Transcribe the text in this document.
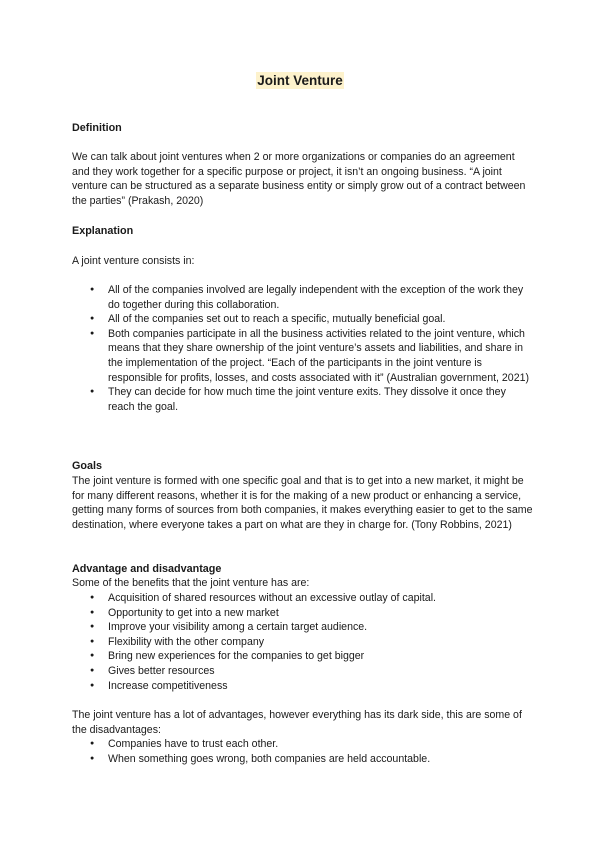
Joint Venture
Definition

We can talk about joint ventures when 2 or more organizations or companies do an agreement and they work together for a specific purpose or project, it isn’t an ongoing business. “A joint venture can be structured as a separate business entity or simply grow out of a contract between the parties” (Prakash, 2020)

Explanation

A joint venture consists in:

● All of the companies involved are legally independent with the exception of the work they do together during this collaboration.
● All of the companies set out to reach a specific, mutually beneficial goal.
● Both companies participate in all the business activities related to the joint venture, which means that they share ownership of the joint venture’s assets and liabilities, and share in the implementation of the project. “Each of the participants in the joint venture is responsible for profits, losses, and costs associated with it” (Australian government, 2021)
● They can decide for how much time the joint venture exits. They dissolve it once they reach the goal.
Goals

The joint venture is formed with one specific goal and that is to get into a new market, it might be for many different reasons, whether it is for the making of a new product or enhancing a service, getting many forms of sources from both companies, it makes everything easier to get to the same destination, where everyone takes a part on what are they in charge for. (Tony Robbins, 2021)

Advantage and disadvantage

Some of the benefits that the joint venture has are:

● Acquisition of shared resources without an excessive outlay of capital.
● Opportunity to get into a new market
● Improve your visibility among a certain target audience.
● Flexibility with the other company
● Bring new experiences for the companies to get bigger
● Gives better resources
● Increase competitiveness

The joint venture has a lot of advantages, however everything has its dark side, this are some of the disadvantages:

● Companies have to trust each other.
● When something goes wrong, both companies are held accountable.
